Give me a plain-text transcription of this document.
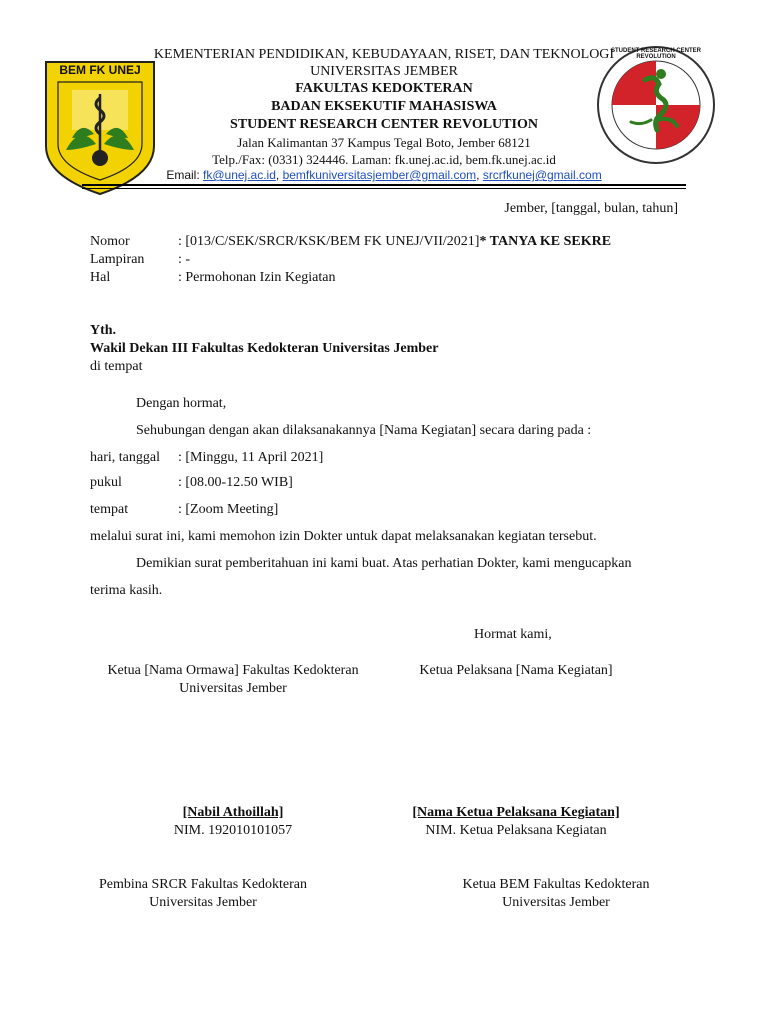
BEM FK UNEJ
STUDENT RESEARCH CENTER REVOLUTION
KEMENTERIAN PENDIDIKAN, KEBUDAYAAN, RISET, DAN TEKNOLOGI
UNIVERSITAS JEMBER
FAKULTAS KEDOKTERAN
BADAN EKSEKUTIF MAHASISWA
STUDENT RESEARCH CENTER REVOLUTION
Jalan Kalimantan 37 Kampus Tegal Boto, Jember 68121
Telp./Fax: (0331) 324446. Laman: fk.unej.ac.id, bem.fk.unej.ac.id
Email: fk@unej.ac.id, bemfkuniversitasjember@gmail.com, srcrfkunej@gmail.com
Jember, [tanggal, bulan, tahun]
Nomor	: [013/C/SEK/SRCR/KSK/BEM FK UNEJ/VII/2021]* TANYA KE SEKRE
Lampiran : -
Hal	: Permohonan Izin Kegiatan
Yth.
Wakil Dekan III Fakultas Kedokteran Universitas Jember
di tempat
Dengan hormat,
Sehubungan dengan akan dilaksanakannya [Nama Kegiatan] secara daring pada :
hari, tanggal : [Minggu, 11 April 2021]
pukul	: [08.00-12.50 WIB]
tempat	: [Zoom Meeting]
melalui surat ini, kami memohon izin Dokter untuk dapat melaksanakan kegiatan tersebut.
Demikian surat pemberitahuan ini kami buat. Atas perhatian Dokter, kami mengucapkan
terima kasih.
Hormat kami,
Ketua [Nama Ormawa] Fakultas Kedokteran
Universitas Jember
Ketua Pelaksana [Nama Kegiatan]
[Nabil Athoillah]
NIM. 192010101057
[Nama Ketua Pelaksana Kegiatan]
NIM. Ketua Pelaksana Kegiatan
Pembina SRCR Fakultas Kedokteran
Universitas Jember
Ketua BEM Fakultas Kedokteran
Universitas Jember
